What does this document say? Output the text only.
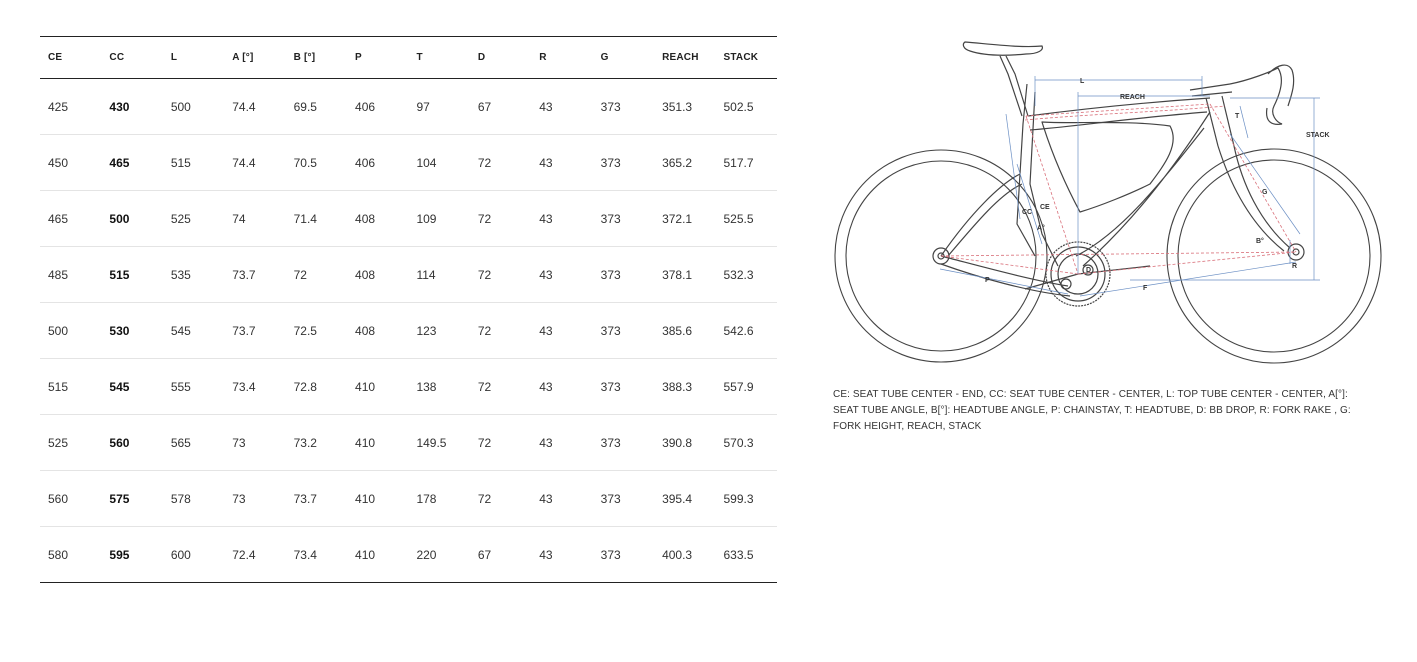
CE	CC	L	A [°]	B [°]	P	T	D	R	G	REACH	STACK
425	430	500	74.4	69.5	406	97	67	43	373	351.3	502.5
450	465	515	74.4	70.5	406	104	72	43	373	365.2	517.7
465	500	525	74	71.4	408	109	72	43	373	372.1	525.5
485	515	535	73.7	72	408	114	72	43	373	378.1	532.3
500	530	545	73.7	72.5	408	123	72	43	373	385.6	542.6
515	545	555	73.4	72.8	410	138	72	43	373	388.3	557.9
525	560	565	73	73.2	410	149.5	72	43	373	390.8	570.3
560	575	578	73	73.7	410	178	72	43	373	395.4	599.3
580	595	600	72.4	73.4	410	220	67	43	373	400.3	633.5
L
REACH
STACK
T
G
CC
CE
A°
B°
D
R
P
F
CE: SEAT TUBE CENTER - END, CC: SEAT TUBE CENTER - CENTER, L: TOP TUBE CENTER - CENTER, A[°]: SEAT TUBE ANGLE, B[°]: HEADTUBE ANGLE, P: CHAINSTAY, T: HEADTUBE, D: BB DROP, R: FORK RAKE , G: FORK HEIGHT, REACH, STACK
